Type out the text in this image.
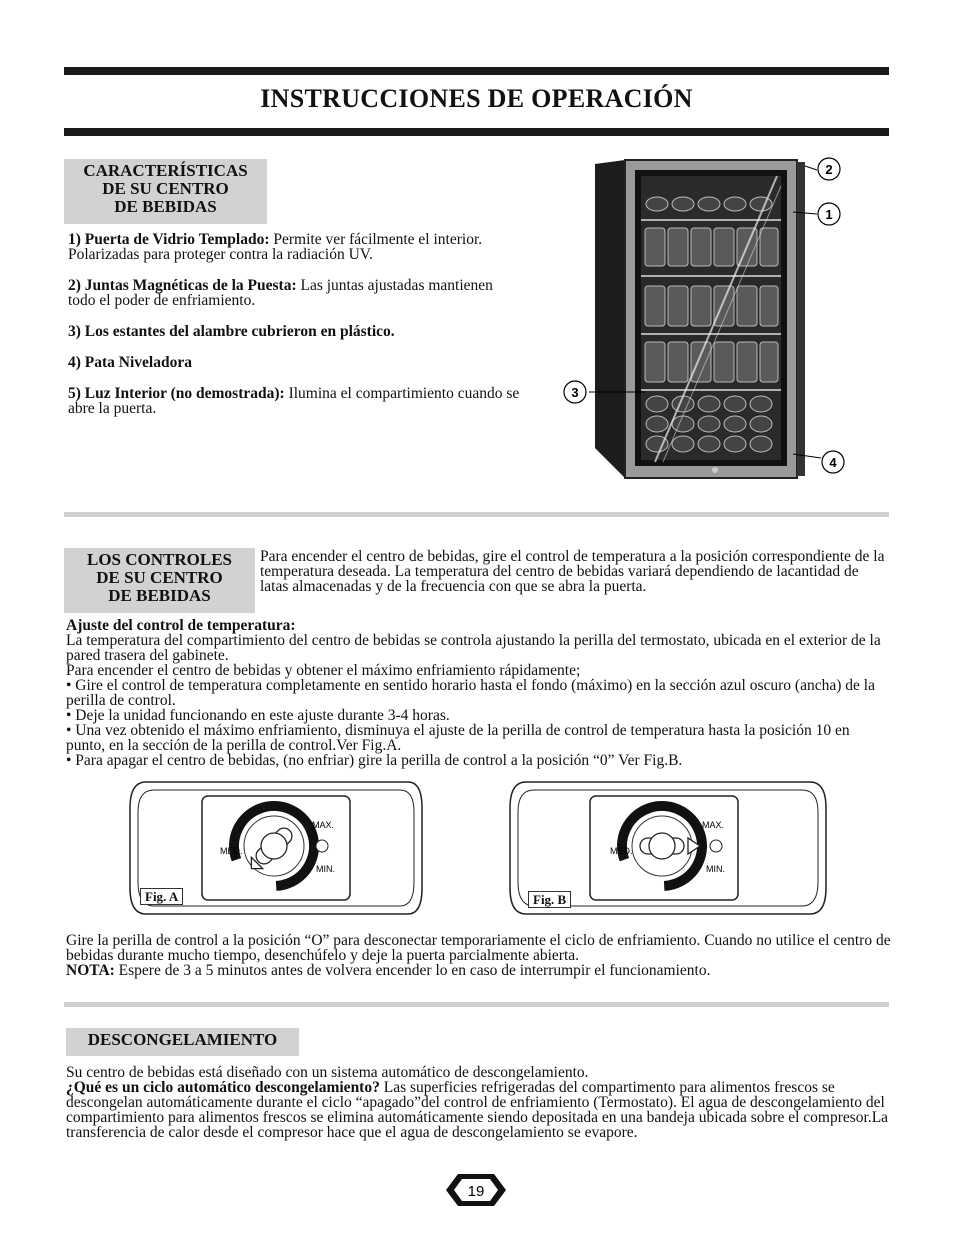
INSTRUCCIONES DE OPERACIÓN
CARACTERÍSTICAS
DE SU CENTRO
DE BEBIDAS

1) Puerta de Vidrio Templado: Permite ver fácilmente el interior. Polarizadas para proteger contra la radiación UV.

2) Juntas Magnéticas de la Puesta: Las juntas ajustadas mantienen todo el poder de enfriamiento.

3) Los estantes del alambre cubrieron en plástico.

4) Pata Niveladora

5) Luz Interior (no demostrada): Ilumina el compartimiento cuando se abre la puerta.

2
1
3
4
LOS CONTROLES
DE SU CENTRO
DE BEBIDAS
Para encender el centro de bebidas, gire el control de temperatura a la posición correspondiente de la temperatura deseada. La temperatura del centro de bebidas variará dependiendo de lacantidad de latas almacenadas y de la frecuencia con que se abra la puerta.
Ajuste del control de temperatura:
La temperatura del compartimiento del centro de bebidas se controla ajustando la perilla del termostato, ubicada en el exterior de la pared trasera del gabinete.
Para encender el centro de bebidas y obtener el máximo enfriamiento rápidamente;
• Gire el control de temperatura completamente en sentido horario hasta el fondo (máximo) en la sección azul oscuro (ancha) de la perilla de control.
• Deje la unidad funcionando en este ajuste durante 3-4 horas.
• Una vez obtenido el máximo enfriamiento, disminuya el ajuste de la perilla de control de temperatura hasta la posición 10 en punto, en la sección de la perilla de control.Ver Fig.A.
• Para apagar el centro de bebidas, (no enfriar) gire la perilla de control a la posición “0” Ver Fig.B.
MAX.
MED.
MIN.
Fig. A
MAX.
MED.
MIN.
Fig. B
Gire la perilla de control a la posición “O” para desconectar temporariamente el ciclo de enfriamiento. Cuando no utilice el centro de bebidas durante mucho tiempo, desenchúfelo y deje la puerta parcialmente abierta.
NOTA: Espere de 3 a 5 minutos antes de volvera encender lo en caso de interrumpir el funcionamiento.
DESCONGELAMIENTO
Su centro de bebidas está diseñado con un sistema automático de descongelamiento.
¿Qué es un ciclo automático descongelamiento? Las superficies refrigeradas del compartimento para alimentos frescos se descongelan automáticamente durante el ciclo “apagado”del control de enfriamiento (Termostato). El agua de descongelamiento del compartimiento para alimentos frescos se elimina automáticamente siendo depositada en una bandeja ubicada sobre el compresor.La transferencia de calor desde el compresor hace que el agua de descongelamiento se evapore.
19
